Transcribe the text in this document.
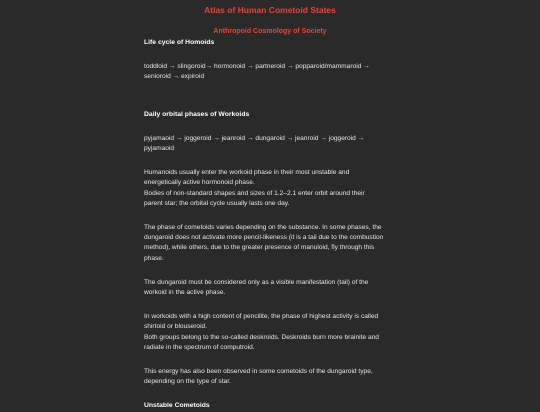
Atlas of Human Cometoid States

Anthropoid Cosmology of Society

Life cycle of Homoids

toddloid → slingoroid→ hormonoid → partneroid → popparoid/mammaroid → senioroid → expiroid

Daily orbital phases of Workoids

pyjamaoid → joggeroid → jeanroid → dungaroid → jeanroid → joggeroid → pyjamaoid

Humanoids usually enter the workoid phase in their most unstable and energetically active hormonoid phase.

Bodies of non-standard shapes and sizes of 1.2–2.1 enter orbit around their parent star; the orbital cycle usually lasts one day.

The phase of cometoids varies depending on the substance. In some phases, the dungaroid does not activate more pencil-likeness (it is a tail due to the combustion method), while others, due to the greater presence of manuloid, fly through this phase.

The dungaroid must be considered only as a visible manifestation (tail) of the workoid in the active phase.

In workoids with a high content of pencilite, the phase of highest activity is called shirtoid or blouseroid.

Both groups belong to the so-called deskroids. Deskroids burn more brainite and radiate in the spectrum of computroid.

This energy has also been observed in some cometoids of the dungaroid type, depending on the type of star.

Unstable Cometoids
